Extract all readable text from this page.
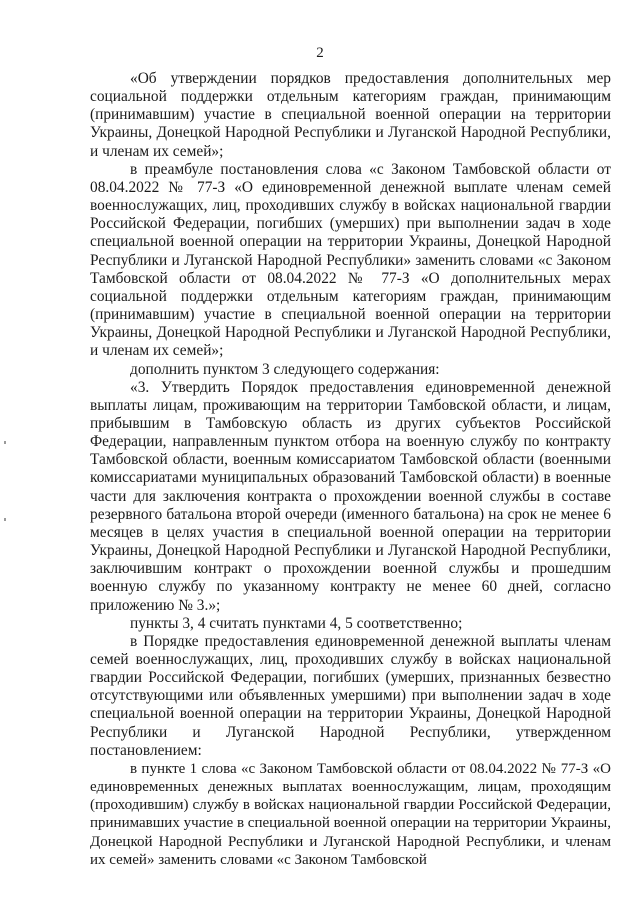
2

«Об утверждении порядков предоставления дополнительных мер социальной поддержки отдельным категориям граждан, принимающим (принимавшим) участие в специальной военной операции на территории Украины, Донецкой Народной Республики и Луганской Народной Республики, и членам их семей»;

в преамбуле постановления слова «с Законом Тамбовской области от 08.04.2022 № 77-З «О единовременной денежной выплате членам семей военнослужащих, лиц, проходивших службу в войсках национальной гвардии Российской Федерации, погибших (умерших) при выполнении задач в ходе специальной военной операции на территории Украины, Донецкой Народной Республики и Луганской Народной Республики» заменить словами «с Законом Тамбовской области от 08.04.2022 № 77-З «О дополнительных мерах социальной поддержки отдельным категориям граждан, принимающим (принимавшим) участие в специальной военной операции на территории Украины, Донецкой Народной Республики и Луганской Народной Республики, и членам их семей»;

дополнить пунктом 3 следующего содержания:

«3. Утвердить Порядок предоставления единовременной денежной выплаты лицам, проживающим на территории Тамбовской области, и лицам, прибывшим в Тамбовскую область из других субъектов Российской Федерации, направленным пунктом отбора на военную службу по контракту Тамбовской области, военным комиссариатом Тамбовской области (военными комиссариатами муниципальных образований Тамбовской области) в военные части для заключения контракта о прохождении военной службы в составе резервного батальона второй очереди (именного батальона) на срок не менее 6 месяцев в целях участия в специальной военной операции на территории Украины, Донецкой Народной Республики и Луганской Народной Республики, заключившим контракт о прохождении военной службы и прошедшим военную службу по указанному контракту не менее 60 дней, согласно приложению № 3.»;

пункты 3, 4 считать пунктами 4, 5 соответственно;

в Порядке предоставления единовременной денежной выплаты членам семей военнослужащих, лиц, проходивших службу в войсках национальной гвардии Российской Федерации, погибших (умерших, признанных безвестно отсутствующими или объявленных умершими) при выполнении задач в ходе специальной военной операции на территории Украины, Донецкой Народной Республики и Луганской Народной Республики, утвержденном постановлением:

в пункте 1 слова «с Законом Тамбовской области от 08.04.2022 № 77-З «О единовременных денежных выплатах военнослужащим, лицам, проходящим (проходившим) службу в войсках национальной гвардии Российской Федерации, принимавших участие в специальной военной операции на территории Украины, Донецкой Народной Республики и Луганской Народной Республики, и членам их семей» заменить словами «с Законом Тамбовской
